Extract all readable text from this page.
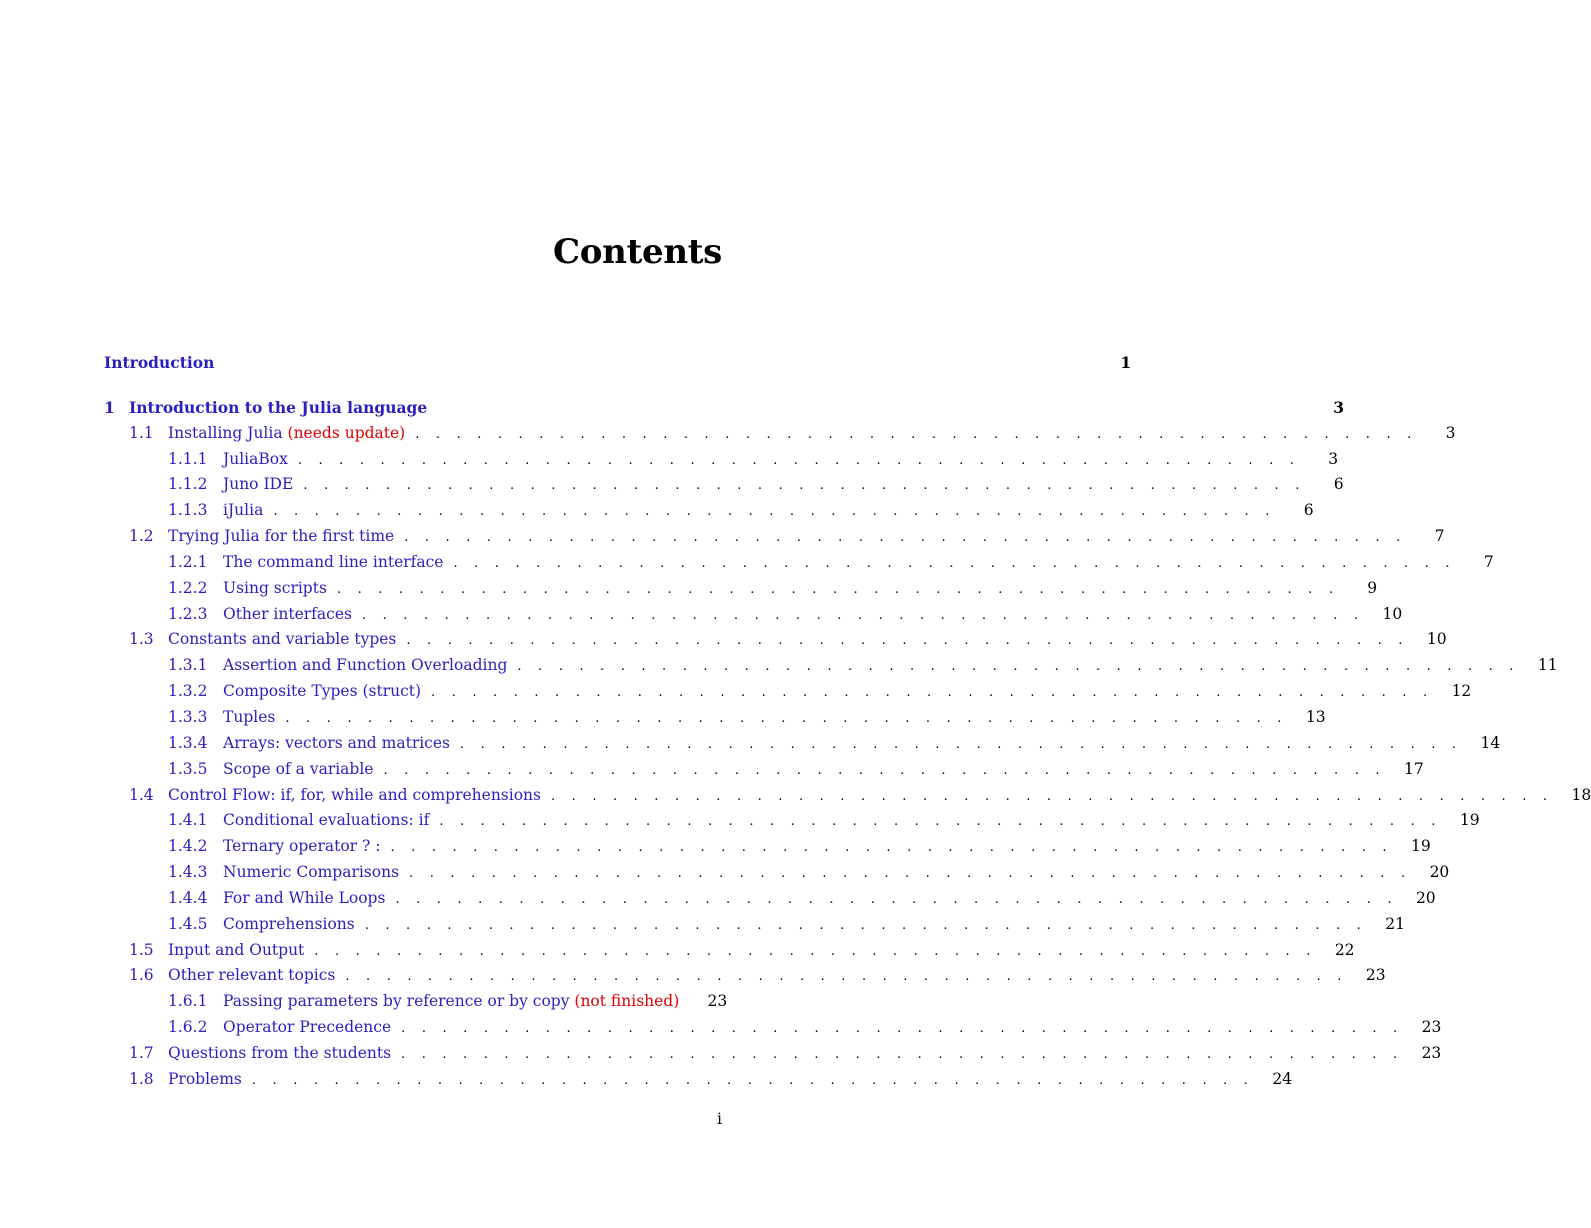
Contents
Introduction	1
1 Introduction to the Julia language	3
1.1 Installing Julia (needs update) . . . . . . . . . . . . . . . . . . . . . . . . . . . . . . . . . . . . . . . . . . . . . . . . .	3
1.1.1	JuliaBox . . . . . . . . . . . . . . . . . . . . . . . . . . . . . . . . . . . . . . . . . . . . . . . . .	3
1.1.2	Juno IDE . . . . . . . . . . . . . . . . . . . . . . . . . . . . . . . . . . . . . . . . . . . . . . . . .	6
1.1.3	iJulia . . . . . . . . . . . . . . . . . . . . . . . . . . . . . . . . . . . . . . . . . . . . . . . . .	6
1.2 Trying Julia for the first time . . . . . . . . . . . . . . . . . . . . . . . . . . . . . . . . . . . . . . . . . . . . . . . . .	7
1.2.1	The command line interface . . . . . . . . . . . . . . . . . . . . . . . . . . . . . . . . . . . . . . . . . . . . . . . . .	7
1.2.2	Using scripts . . . . . . . . . . . . . . . . . . . . . . . . . . . . . . . . . . . . . . . . . . . . . . . . .	9
1.2.3	Other interfaces . . . . . . . . . . . . . . . . . . . . . . . . . . . . . . . . . . . . . . . . . . . . . . . . . 10
1.3 Constants and variable types . . . . . . . . . . . . . . . . . . . . . . . . . . . . . . . . . . . . . . . . . . . . . . . . . 10
1.3.1	Assertion and Function Overloading . . . . . . . . . . . . . . . . . . . . . . . . . . . . . . . . . . . . . . . . . . . . . . . . . 11
1.3.2	Composite Types (struct) . . . . . . . . . . . . . . . . . . . . . . . . . . . . . . . . . . . . . . . . . . . . . . . . . 12
1.3.3	Tuples . . . . . . . . . . . . . . . . . . . . . . . . . . . . . . . . . . . . . . . . . . . . . . . . . 13
1.3.4	Arrays: vectors and matrices . . . . . . . . . . . . . . . . . . . . . . . . . . . . . . . . . . . . . . . . . . . . . . . . . 14
1.3.5	Scope of a variable . . . . . . . . . . . . . . . . . . . . . . . . . . . . . . . . . . . . . . . . . . . . . . . . . 17
1.4 Control Flow: if, for, while and comprehensions . . . . . . . . . . . . . . . . . . . . . . . . . . . . . . . . . . . . . . . . . . . . . . . . . 18
1.4.1	Conditional evaluations: if . . . . . . . . . . . . . . . . . . . . . . . . . . . . . . . . . . . . . . . . . . . . . . . . . 19
1.4.2	Ternary operator ? : . . . . . . . . . . . . . . . . . . . . . . . . . . . . . . . . . . . . . . . . . . . . . . . . . 19
1.4.3	Numeric Comparisons . . . . . . . . . . . . . . . . . . . . . . . . . . . . . . . . . . . . . . . . . . . . . . . . . 20
1.4.4	For and While Loops . . . . . . . . . . . . . . . . . . . . . . . . . . . . . . . . . . . . . . . . . . . . . . . . . 20
1.4.5	Comprehensions . . . . . . . . . . . . . . . . . . . . . . . . . . . . . . . . . . . . . . . . . . . . . . . . . 21
1.5 Input and Output . . . . . . . . . . . . . . . . . . . . . . . . . . . . . . . . . . . . . . . . . . . . . . . . . 22
1.6 Other relevant topics . . . . . . . . . . . . . . . . . . . . . . . . . . . . . . . . . . . . . . . . . . . . . . . . . 23
1.6.1	Passing parameters by reference or by copy (not finished) 23
1.6.2	Operator Precedence . . . . . . . . . . . . . . . . . . . . . . . . . . . . . . . . . . . . . . . . . . . . . . . . . 23
1.7 Questions from the students . . . . . . . . . . . . . . . . . . . . . . . . . . . . . . . . . . . . . . . . . . . . . . . . . 23
1.8 Problems . . . . . . . . . . . . . . . . . . . . . . . . . . . . . . . . . . . . . . . . . . . . . . . . . 24
i
